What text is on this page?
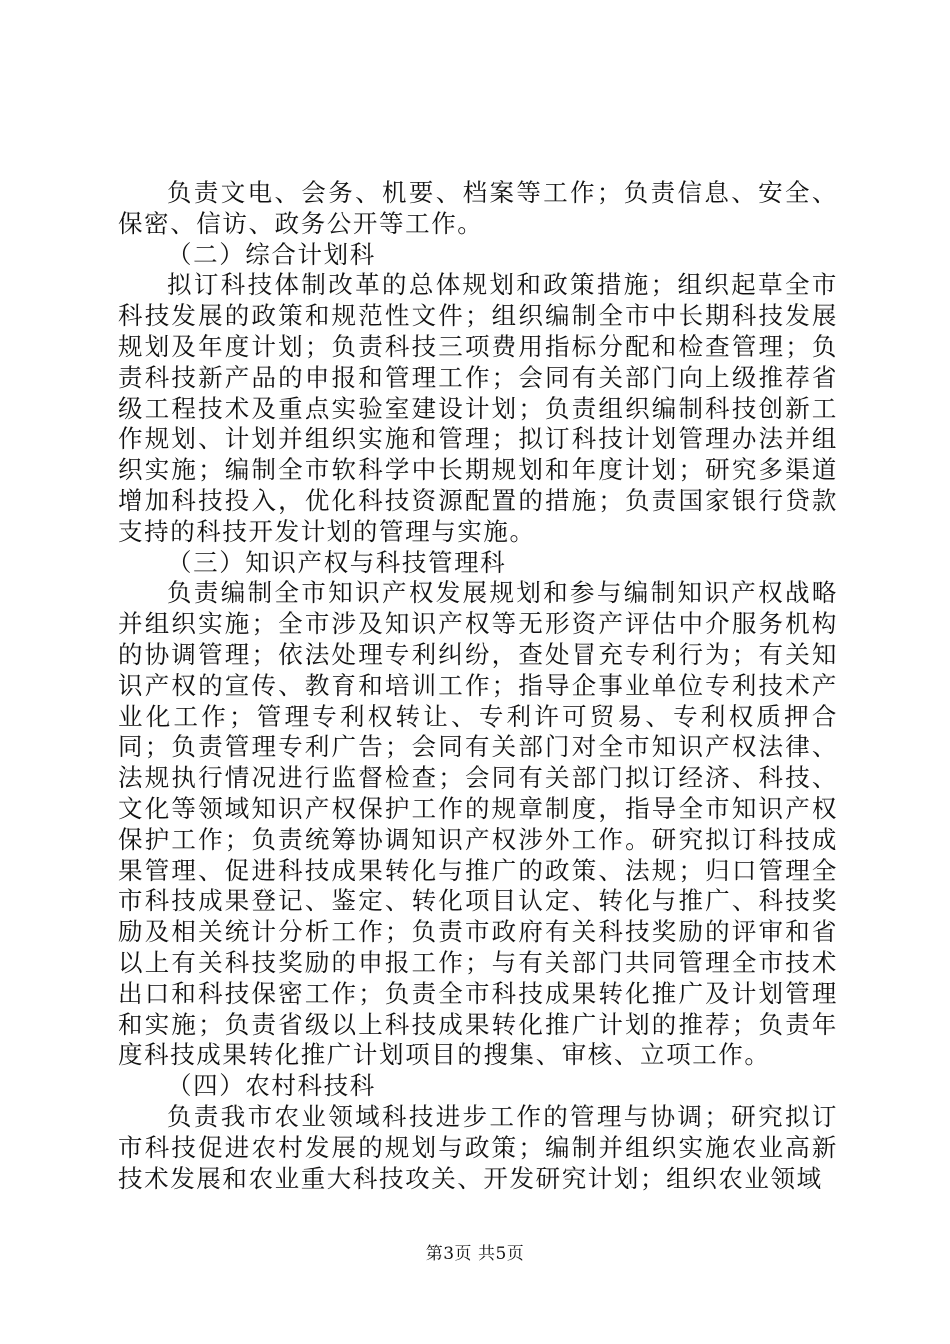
负责文电、会务、机要、档案等工作；负责信息、安全、保密、信访、政务公开等工作。

（二）综合计划科

拟订科技体制改革的总体规划和政策措施；组织起草全市科技发展的政策和规范性文件；组织编制全市中长期科技发展规划及年度计划；负责科技三项费用指标分配和检查管理；负责科技新产品的申报和管理工作；会同有关部门向上级推荐省级工程技术及重点实验室建设计划；负责组织编制科技创新工作规划、计划并组织实施和管理；拟订科技计划管理办法并组织实施；编制全市软科学中长期规划和年度计划；研究多渠道增加科技投入，优化科技资源配置的措施；负责国家银行贷款支持的科技开发计划的管理与实施。

（三）知识产权与科技管理科

负责编制全市知识产权发展规划和参与编制知识产权战略并组织实施；全市涉及知识产权等无形资产评估中介服务机构的协调管理；依法处理专利纠纷，查处冒充专利行为；有关知识产权的宣传、教育和培训工作；指导企事业单位专利技术产业化工作；管理专利权转让、专利许可贸易、专利权质押合同；负责管理专利广告；会同有关部门对全市知识产权法律、法规执行情况进行监督检查；会同有关部门拟订经济、科技、文化等领域知识产权保护工作的规章制度，指导全市知识产权保护工作；负责统筹协调知识产权涉外工作。研究拟订科技成果管理、促进科技成果转化与推广的政策、法规；归口管理全市科技成果登记、鉴定、转化项目认定、转化与推广、科技奖励及相关统计分析工作；负责市政府有关科技奖励的评审和省以上有关科技奖励的申报工作；与有关部门共同管理全市技术出口和科技保密工作；负责全市科技成果转化推广及计划管理和实施；负责省级以上科技成果转化推广计划的推荐；负责年度科技成果转化推广计划项目的搜集、审核、立项工作。

（四）农村科技科

负责我市农业领域科技进步工作的管理与协调；研究拟订市科技促进农村发展的规划与政策；编制并组织实施农业高新技术发展和农业重大科技攻关、开发研究计划；组织农业领域

第3页 共5页
